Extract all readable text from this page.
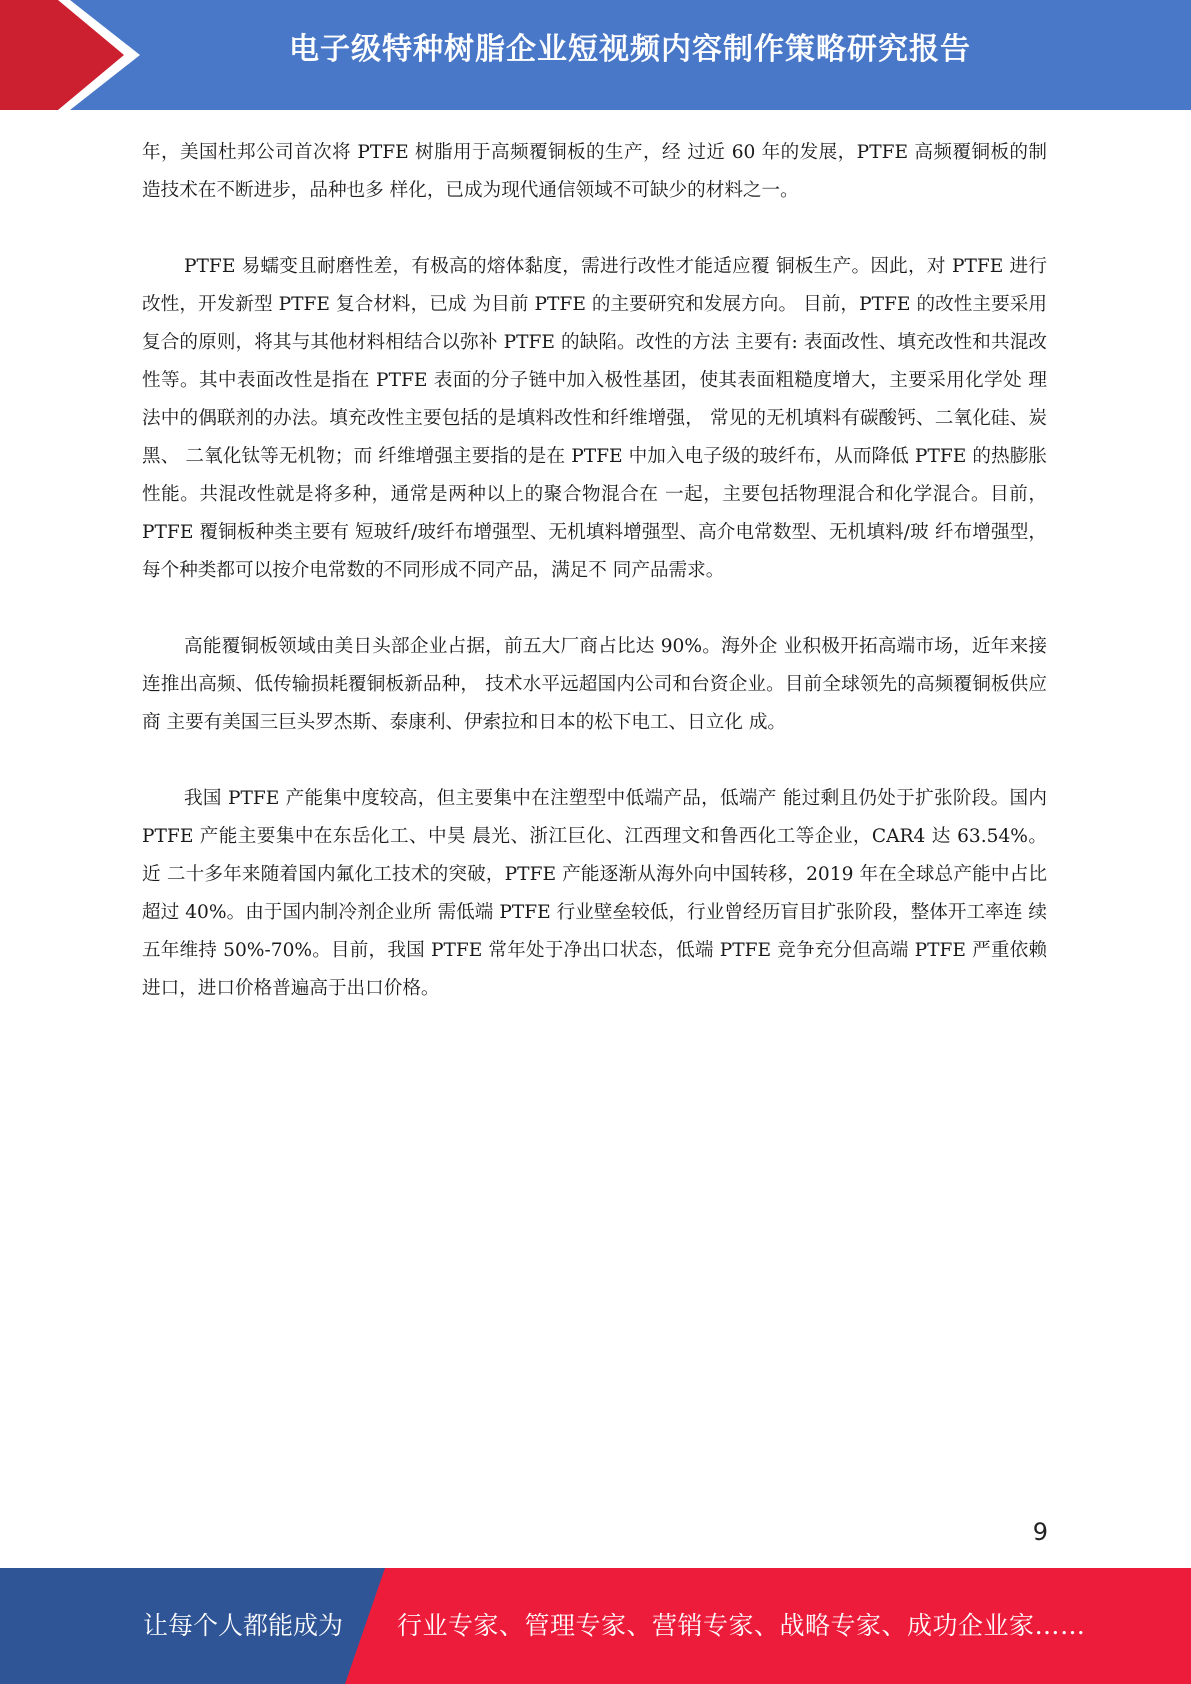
电子级特种树脂企业短视频内容制作策略研究报告

年，美国杜邦公司首次将 PTFE 树脂用于高频覆铜板的生产，经 过近 60 年的发展，PTFE 高频覆铜板的制造技术在不断进步，品种也多 样化，已成为现代通信领域不可缺少的材料之一。

PTFE 易蠕变且耐磨性差，有极高的熔体黏度，需进行改性才能适应覆 铜板生产。因此，对 PTFE 进行改性，开发新型 PTFE 复合材料，已成 为目前 PTFE 的主要研究和发展方向。 目前，PTFE 的改性主要采用 复合的原则，将其与其他材料相结合以弥补 PTFE 的缺陷。改性的方法 主要有: 表面改性、填充改性和共混改性等。其中表面改性是指在 PTFE 表面的分子链中加入极性基团，使其表面粗糙度增大，主要采用化学处 理法中的偶联剂的办法。填充改性主要包括的是填料改性和纤维增强， 常见的无机填料有碳酸钙、二氧化硅、炭黑、 二氧化钛等无机物；而 纤维增强主要指的是在 PTFE 中加入电子级的玻纤布，从而降低 PTFE 的热膨胀性能。共混改性就是将多种，通常是两种以上的聚合物混合在 一起，主要包括物理混合和化学混合。目前，PTFE 覆铜板种类主要有 短玻纤/玻纤布增强型、无机填料增强型、高介电常数型、无机填料/玻 纤布增强型，每个种类都可以按介电常数的不同形成不同产品，满足不 同产品需求。

高能覆铜板领域由美日头部企业占据，前五大厂商占比达 90%。海外企 业积极开拓高端市场，近年来接连推出高频、低传输损耗覆铜板新品种， 技术水平远超国内公司和台资企业。目前全球领先的高频覆铜板供应商 主要有美国三巨头罗杰斯、泰康利、伊索拉和日本的松下电工、日立化 成。

我国 PTFE 产能集中度较高，但主要集中在注塑型中低端产品，低端产 能过剩且仍处于扩张阶段。国内 PTFE 产能主要集中在东岳化工、中昊 晨光、浙江巨化、江西理文和鲁西化工等企业，CAR4 达 63.54%。近 二十多年来随着国内氟化工技术的突破，PTFE 产能逐渐从海外向中国转移，2019 年在全球总产能中占比超过 40%。由于国内制冷剂企业所 需低端 PTFE 行业壁垒较低，行业曾经历盲目扩张阶段，整体开工率连 续五年维持 50%-70%。目前，我国 PTFE 常年处于净出口状态，低端 PTFE 竞争充分但高端 PTFE 严重依赖进口，进口价格普遍高于出口价格。

9
让每个人都能成为 行业专家、管理专家、营销专家、战略专家、成功企业家……
